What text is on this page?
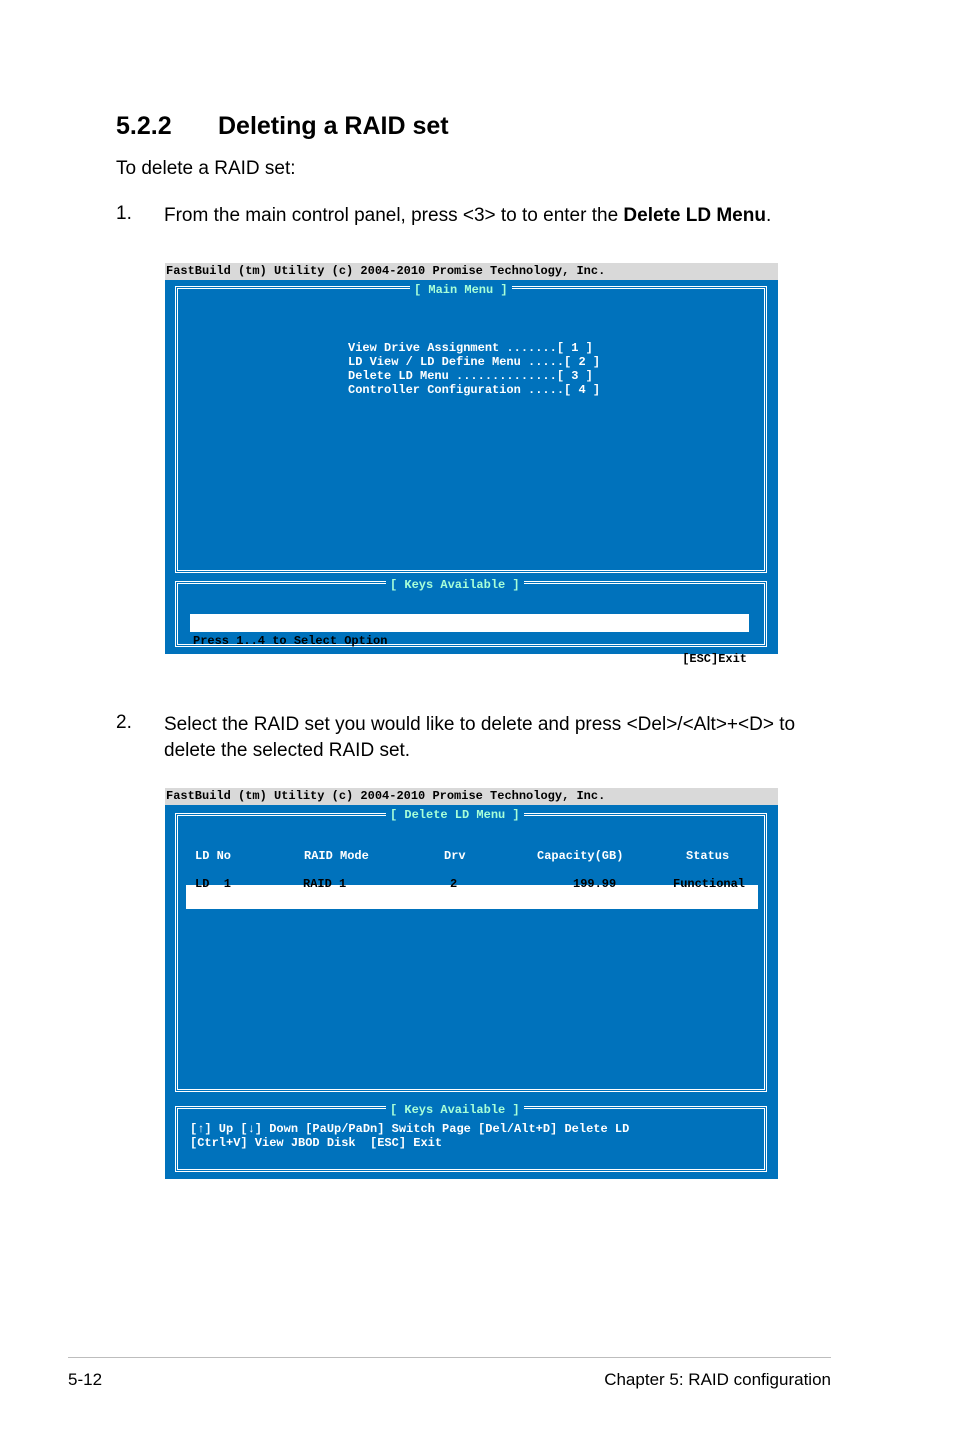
5.2.2 Deleting a RAID set
To delete a RAID set:
1. From the main control panel, press <3> to to enter the Delete LD Menu.
FastBuild (tm) Utility (c) 2004-2010 Promise Technology, Inc.
[ Main Menu ]
View Drive Assignment .......[ 1 ]
LD View / LD Define Menu .....[ 2 ]
Delete LD Menu ..............[ 3 ]
Controller Configuration .....[ 4 ]
[ Keys Available ]

Press 1..4 to Select Option

[ESC]Exit

2. Select the RAID set you would like to delete and press <Del>/<Alt>+<D> to
delete the selected RAID set.
FastBuild (tm) Utility (c) 2004-2010 Promise Technology, Inc.
[ Delete LD Menu ]
LD No	RAID Mode	Drv	Capacity(GB)	Status
LD  1	RAID 1	2	199.99	Functional
[ Keys Available ]
[↑] Up [↓] Down [PaUp/PaDn] Switch Page [Del/Alt+D] Delete LD
[Ctrl+V] View JBOD Disk  [ESC] Exit
5-12	Chapter 5: RAID configuration
